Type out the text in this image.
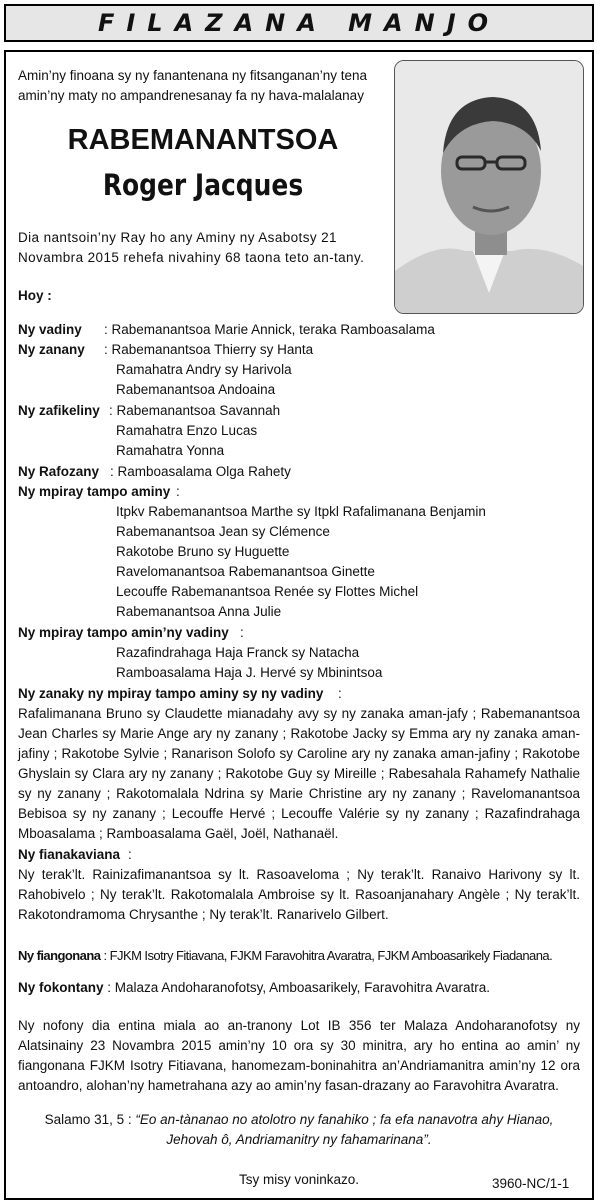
FILAZANA MANJO
Amin’ny finoana sy ny fanantenana ny fitsanganan’ny tena amin’ny maty no ampandrenesanay fa ny hava-malalanay
RABEMANANTSOA
Roger Jacques
Dia nantsoin’ny Ray ho any Aminy ny Asabotsy 21 Novambra 2015 rehefa nivahiny 68 taona teto an-tany.
Hoy :
Ny vadiny : Rabemanantsoa Marie Annick, teraka Ramboasalama
Ny zanany : Rabemanantsoa Thierry sy Hanta
Ramahatra Andry sy Harivola
Rabemanantsoa Andoaina
Ny zafikeliny : Rabemanantsoa Savannah
Ramahatra Enzo Lucas
Ramahatra Yonna
Ny Rafozany : Ramboasalama Olga Rahety
Ny mpiray tampo aminy :
Itpkv Rabemanantsoa Marthe sy Itpkl Rafalimanana Benjamin
Rabemanantsoa Jean sy Clémence
Rakotobe Bruno sy Huguette
Ravelomanantsoa Rabemanantsoa Ginette
Lecouffe Rabemanantsoa Renée sy Flottes Michel
Rabemanantsoa Anna Julie
Ny mpiray tampo amin’ny vadiny :
Razafindrahaga Haja Franck sy Natacha
Ramboasalama Haja J. Hervé sy Mbinintsoa
Ny zanaky ny mpiray tampo aminy sy ny vadiny :
Rafalimanana Bruno sy Claudette mianadahy avy sy ny zanaka aman-jafy ; Rabemanantsoa Jean Charles sy Marie Ange ary ny zanany ; Rakotobe Jacky sy Emma ary ny zanaka aman-jafiny ; Rakotobe Sylvie ; Ranarison Solofo sy Caroline ary ny zanaka aman-jafiny ; Rakotobe Ghyslain sy Clara ary ny zanany ; Rakotobe Guy sy Mireille ; Rabesahala Rahamefy Nathalie sy ny zanany ; Rakotomalala Ndrina sy Marie Christine ary ny zanany ; Ravelomanantsoa Bebisoa sy ny zanany ; Lecouffe Hervé ; Lecouffe Valérie sy ny zanany ; Razafindrahaga Mboasalama ; Ramboasalama Gaël, Joël, Nathanaël.
Ny fianakaviana :
Ny terak’lt. Rainizafimanantsoa sy lt. Rasoaveloma ; Ny terak’lt. Ranaivo Harivony sy lt. Rahobivelo ; Ny terak’lt. Rakotomalala Ambroise sy lt. Rasoanjanahary Angèle ; Ny terak’lt. Rakotondramoma Chrysanthe ; Ny terak’lt. Ranarivelo Gilbert.
Ny fiangonana : FJKM Isotry Fitiavana, FJKM Faravohitra Avaratra, FJKM Amboasarikely Fiadanana.
Ny fokontany : Malaza Andoharanofotsy, Amboasarikely, Faravohitra Avaratra.
Ny nofony dia entina miala ao an-tranony Lot IB 356 ter Malaza Andoharanofotsy ny Alatsinainy 23 Novambra 2015 amin’ny 10 ora sy 30 minitra, ary ho entina ao amin’ ny fiangonana FJKM Isotry Fitiavana, hanomezam-boninahitra an’Andriamanitra amin’ny 12 ora antoandro, alohan’ny hametrahana azy ao amin’ny fasan-drazany ao Faravohitra Avaratra.
Salamo 31, 5 : “Eo an-tànanao no atolotro ny fanahiko ; fa efa nanavotra ahy Hianao, Jehovah ô, Andriamanitry ny fahamarinana”.
Tsy misy voninkazo.	3960-NC/1-1
